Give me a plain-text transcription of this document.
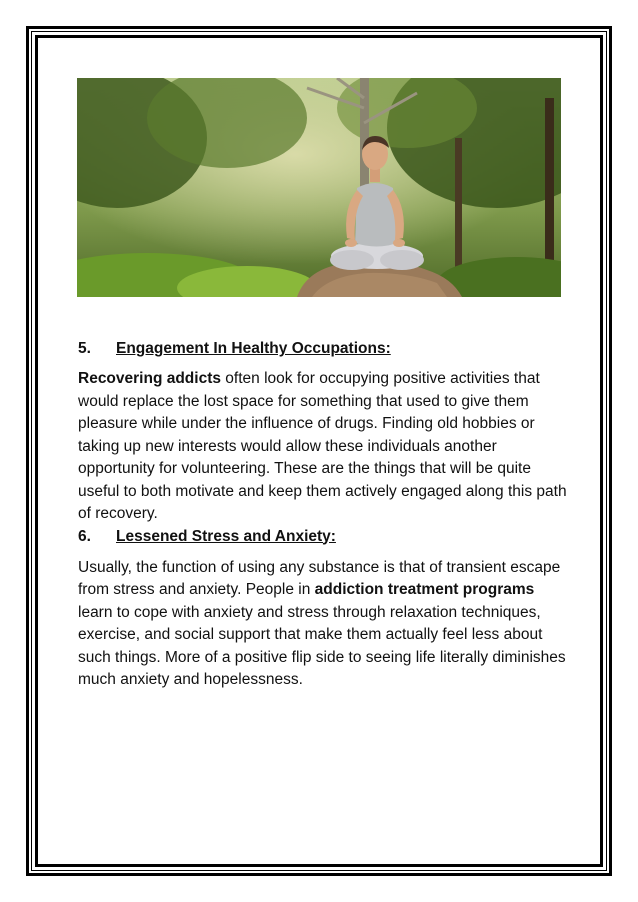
5.	Engagement In Healthy Occupations:

Recovering addicts often look for occupying positive activities that would replace the lost space for something that used to give them pleasure while under the influence of drugs. Finding old hobbies or taking up new interests would allow these individuals another opportunity for volunteering. These are the things that will be quite useful to both motivate and keep them actively engaged along this path of recovery.

6.	Lessened Stress and Anxiety:

Usually, the function of using any substance is that of transient escape from stress and anxiety. People in addiction treatment programs learn to cope with anxiety and stress through relaxation techniques, exercise, and social support that make them actually feel less about such things. More of a positive flip side to seeing life literally diminishes much anxiety and hopelessness.
